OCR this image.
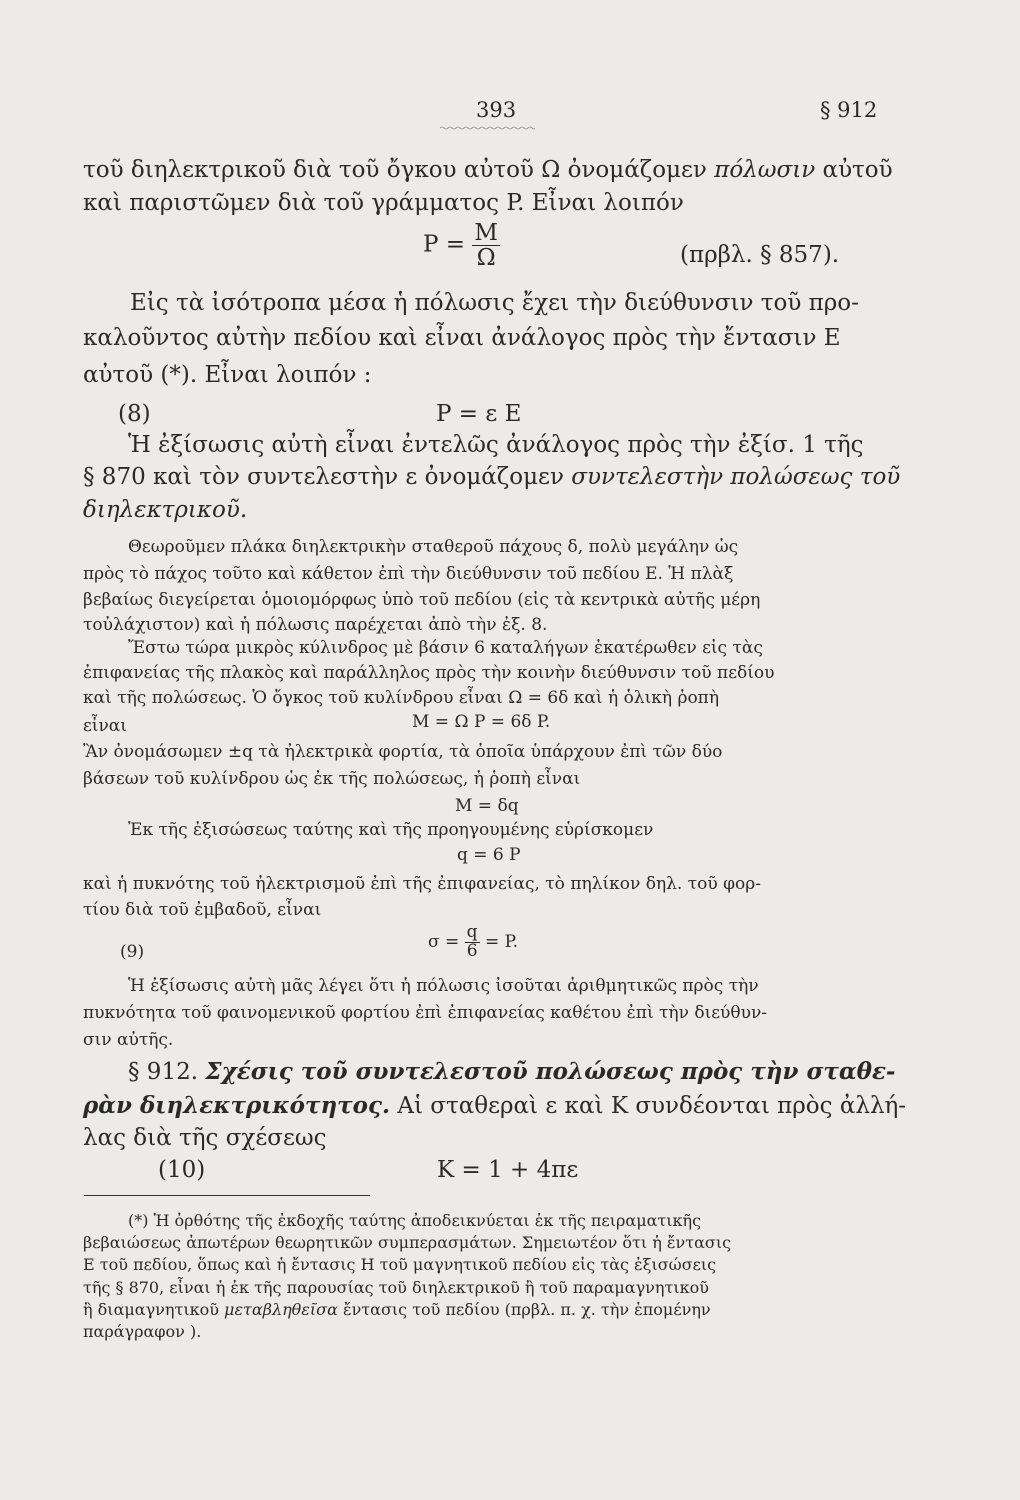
393	§ 912
τοῦ διηλεκτρικοῦ διὰ τοῦ ὄγκου αὐτοῦ Ω ὀνομάζομεν πόλωσιν αὐτοῦ
καὶ παριστῶμεν διὰ τοῦ γράμματος P. Εἶναι λοιπόν
$P = \frac{M}{\Omega}$	(πρβλ. § 857).
Εἰς τὰ ἰσότροπα μέσα ἡ πόλωσις ἔχει τὴν διεύθυνσιν τοῦ προ-
καλοῦντος αὐτὴν πεδίου καὶ εἶναι ἀνάλογος πρὸς τὴν ἔντασιν E
αὐτοῦ (*). Εἶναι λοιπόν :
(8)	P = ε E
Ἡ ἐξίσωσις αὐτὴ εἶναι ἐντελῶς ἀνάλογος πρὸς τὴν ἐξίσ. 1 τῆς
§ 870 καὶ τὸν συντελεστὴν ε ὀνομάζομεν συντελεστὴν πολώσεως τοῦ
διηλεκτρικοῦ.
Θεωροῦμεν πλάκα διηλεκτρικὴν σταθεροῦ πάχους δ, πολὺ μεγάλην ὡς
πρὸς τὸ πάχος τοῦτο καὶ κάθετον ἐπὶ τὴν διεύθυνσιν τοῦ πεδίου E. Ἡ πλὰξ
βεβαίως διεγείρεται ὁμοιομόρφως ὑπὸ τοῦ πεδίου (εἰς τὰ κεντρικὰ αὐτῆς μέρη
τοὐλάχιστον) καὶ ἡ πόλωσις παρέχεται ἀπὸ τὴν ἐξ. 8.
Ἔστω τώρα μικρὸς κύλινδρος μὲ βάσιν 6 καταλήγων ἑκατέρωθεν εἰς τὰς
ἐπιφανείας τῆς πλακὸς καὶ παράλληλος πρὸς τὴν κοινὴν διεύθυνσιν τοῦ πεδίου
καὶ τῆς πολώσεως. Ὁ ὄγκος τοῦ κυλίνδρου εἶναι Ω = 6δ καὶ ἡ ὁλικὴ ῥοπὴ
εἶναι	M = Ω P = 6δ P.
Ἂν ὀνομάσωμεν ±q τὰ ἠλεκτρικὰ φορτία, τὰ ὁποῖα ὑπάρχουν ἐπὶ τῶν δύο
βάσεων τοῦ κυλίνδρου ὡς ἐκ τῆς πολώσεως, ἡ ῥοπὴ εἶναι
M = δq
Ἐκ τῆς ἐξισώσεως ταύτης καὶ τῆς προηγουμένης εὑρίσκομεν
q = 6 P
καὶ ἡ πυκνότης τοῦ ἠλεκτρισμοῦ ἐπὶ τῆς ἐπιφανείας, τὸ πηλίκον δηλ. τοῦ φορ-
τίου διὰ τοῦ ἐμβαδοῦ, εἶναι
(9)
$\sigma = \frac{q}{6} = P$.
Ἡ ἐξίσωσις αὐτὴ μᾶς λέγει ὅτι ἡ πόλωσις ἰσοῦται ἀριθμητικῶς πρὸς τὴν
πυκνότητα τοῦ φαινομενικοῦ φορτίου ἐπὶ ἐπιφανείας καθέτου ἐπὶ τὴν διεύθυν-
σιν αὐτῆς.
§ 912. Σχέσις τοῦ συντελεστοῦ πολώσεως πρὸς τὴν σταθε-
ρὰν διηλεκτρικότητος. Αἱ σταθεραὶ ε καὶ K συνδέονται πρὸς ἀλλή-
λας διὰ τῆς σχέσεως
(10)	K = 1 + 4πε
(*) Ἡ ὀρθότης τῆς ἐκδοχῆς ταύτης ἀποδεικνύεται ἐκ τῆς πειραματικῆς
βεβαιώσεως ἀπωτέρων θεωρητικῶν συμπερασμάτων. Σημειωτέον ὅτι ἡ ἔντασις
E τοῦ πεδίου, ὅπως καὶ ἡ ἔντασις H τοῦ μαγνητικοῦ πεδίου εἰς τὰς ἐξισώσεις
τῆς § 870, εἶναι ἡ ἐκ τῆς παρουσίας τοῦ διηλεκτρικοῦ ἢ τοῦ παραμαγνητικοῦ
ἢ διαμαγνητικοῦ μεταβληθεῖσα ἔντασις τοῦ πεδίου (πρβλ. π. χ. τὴν ἑπομένην
παράγραφον ).
